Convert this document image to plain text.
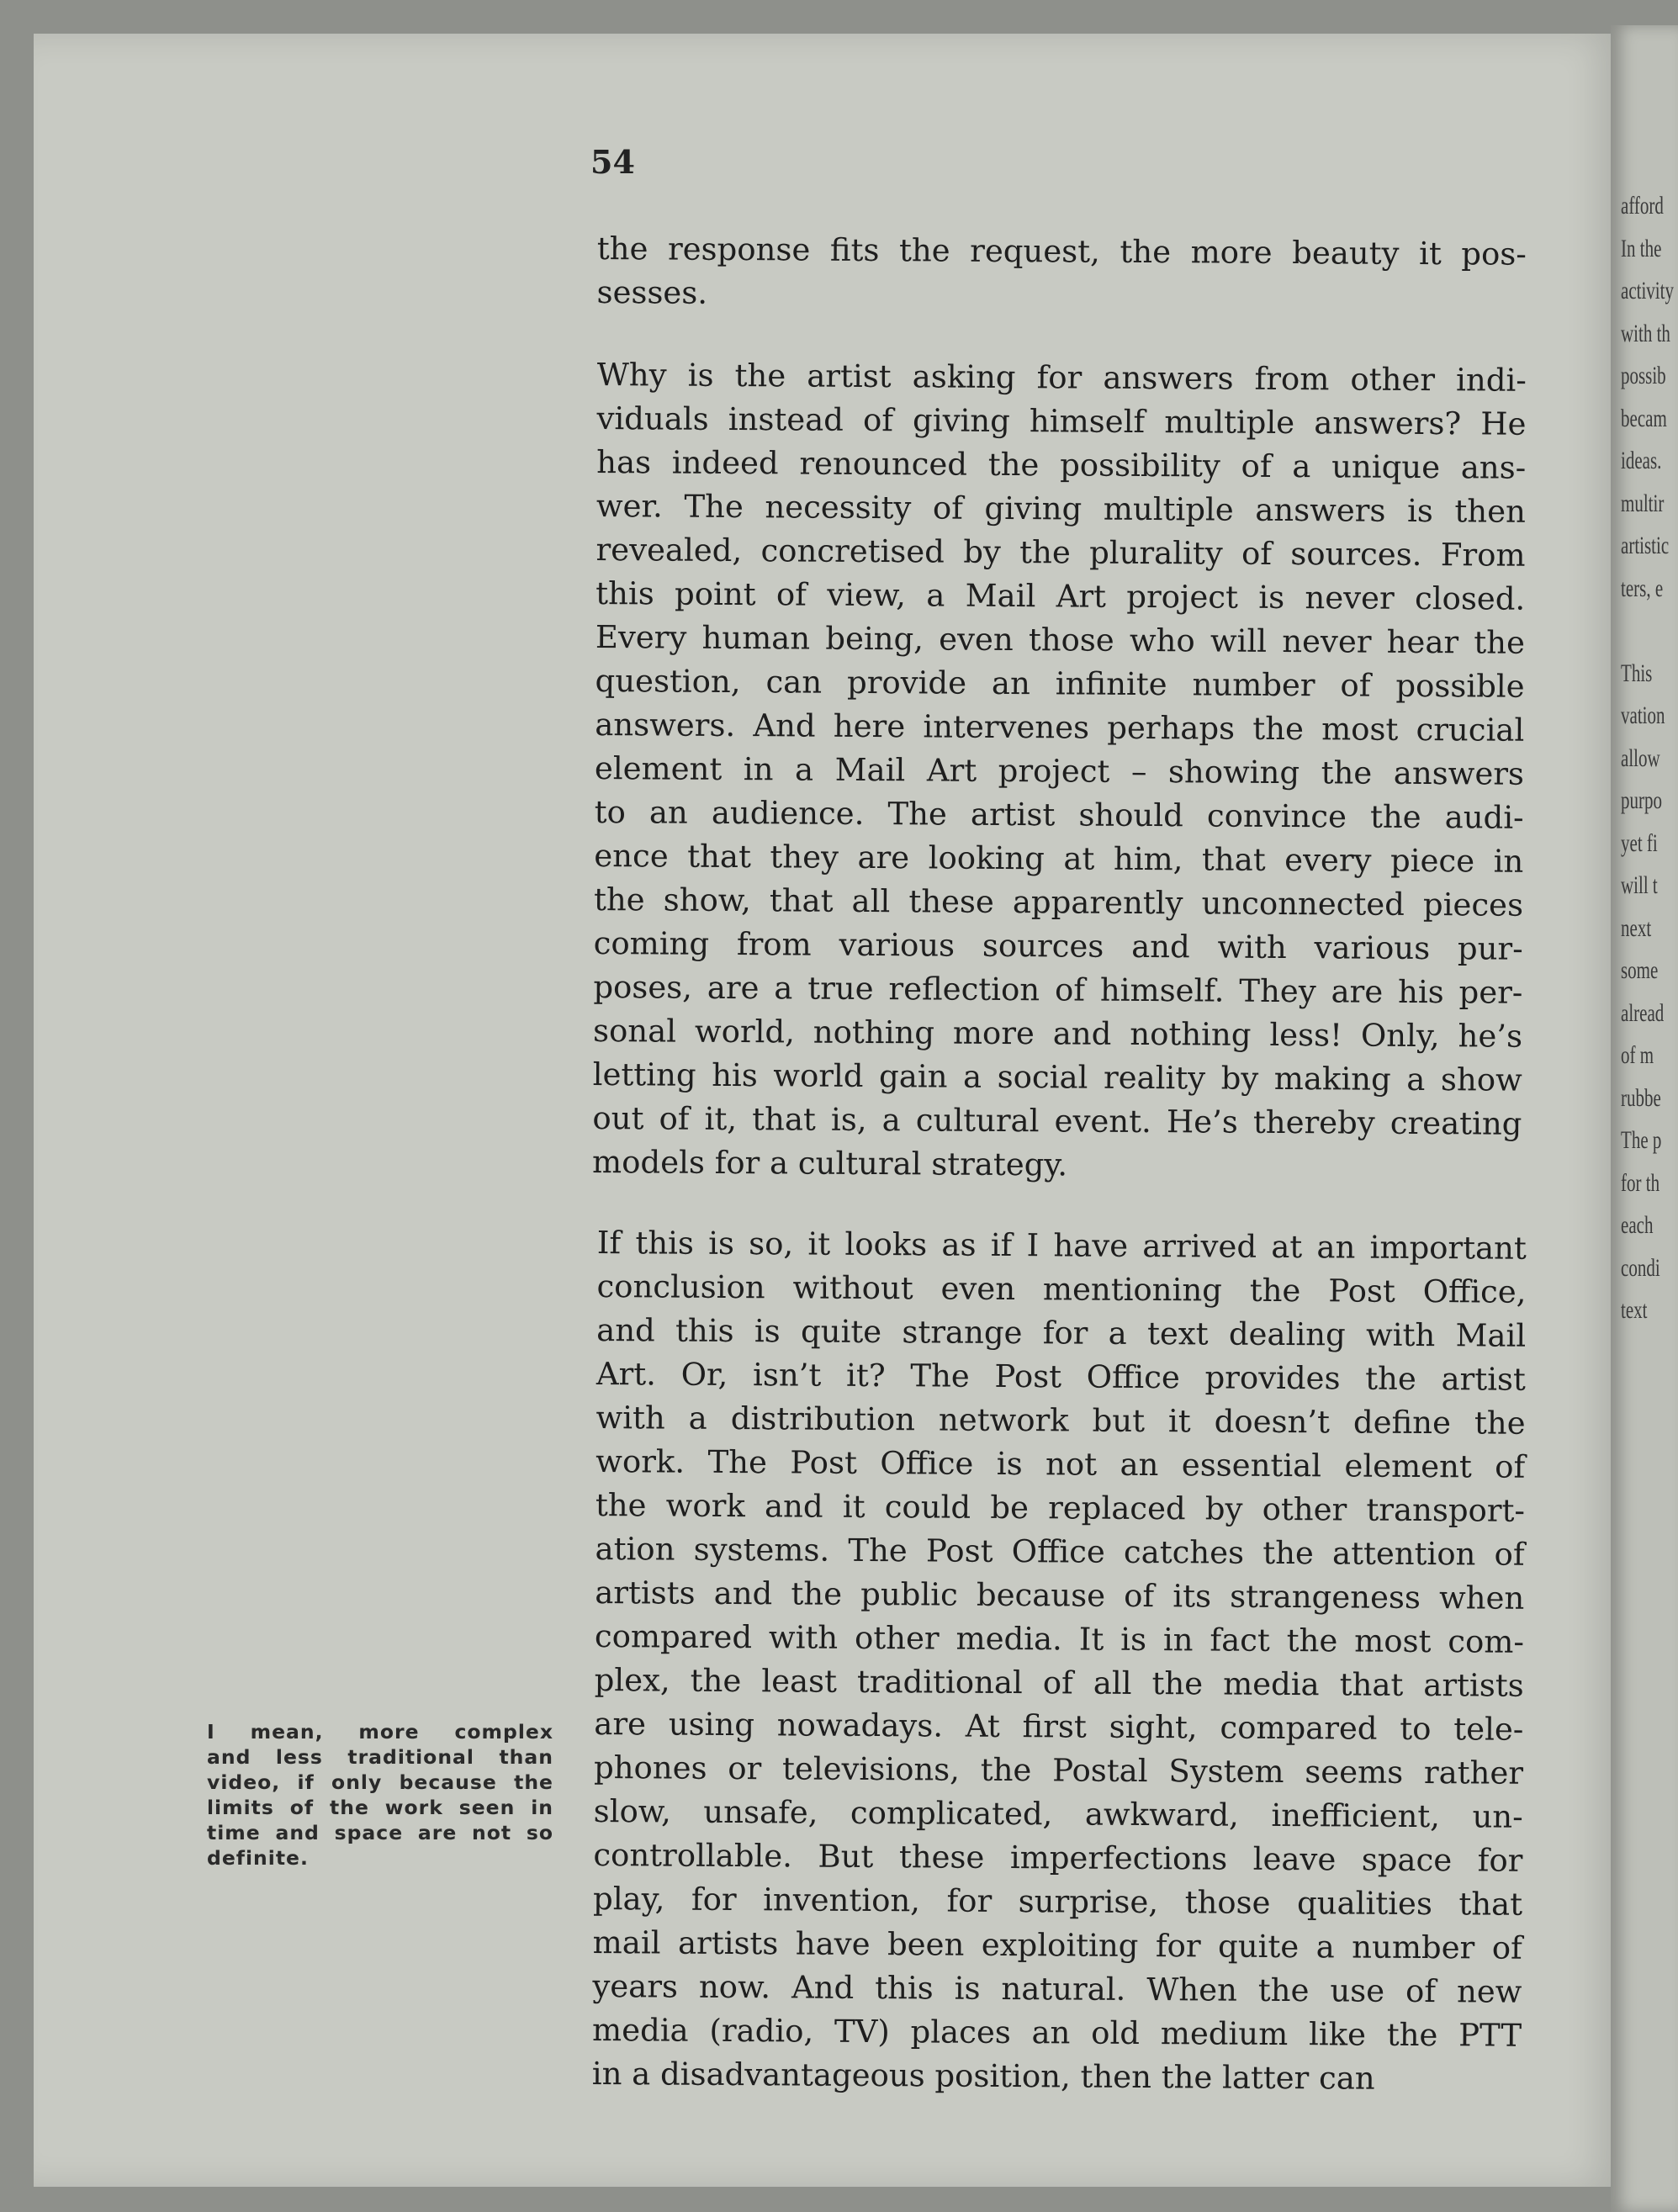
54
the response fits the request, the more beauty it pos-
sesses.
Why is the artist asking for answers from other indi-
viduals instead of giving himself multiple answers? He
has indeed renounced the possibility of a unique ans-
wer. The necessity of giving multiple answers is then
revealed, concretised by the plurality of sources. From
this point of view, a Mail Art project is never closed.
Every human being, even those who will never hear the
question, can provide an infinite number of possible
answers. And here intervenes perhaps the most crucial
element in a Mail Art project – showing the answers
to an audience. The artist should convince the audi-
ence that they are looking at him, that every piece in
the show, that all these apparently unconnected pieces
coming from various sources and with various pur-
poses, are a true reflection of himself. They are his per-
sonal world, nothing more and nothing less! Only, he’s
letting his world gain a social reality by making a show
out of it, that is, a cultural event. He’s thereby creating
models for a cultural strategy.
If this is so, it looks as if I have arrived at an important
conclusion without even mentioning the Post Office,
and this is quite strange for a text dealing with Mail
Art. Or, isn’t it? The Post Office provides the artist
with a distribution network but it doesn’t define the
work. The Post Office is not an essential element of
the work and it could be replaced by other transport-
ation systems. The Post Office catches the attention of
artists and the public because of its strangeness when
compared with other media. It is in fact the most com-
plex, the least traditional of all the media that artists
are using nowadays. At first sight, compared to tele-
phones or televisions, the Postal System seems rather
slow, unsafe, complicated, awkward, inefficient, un-
controllable. But these imperfections leave space for
play, for invention, for surprise, those qualities that
mail artists have been exploiting for quite a number of
years now. And this is natural. When the use of new
media (radio, TV) places an old medium like the PTT
in a disadvantageous position, then the latter can
I mean, more complex
and less traditional than
video, if only because the
limits of the work seen in
time and space are not so
definite.
afford
In the
activity
with th
possib
becam
ideas.
multir
artistic
ters, e
This
vation
allow
purpo
yet fi
will t
next
some
alread
of m
rubbe
The p
for th
each
condi
text
